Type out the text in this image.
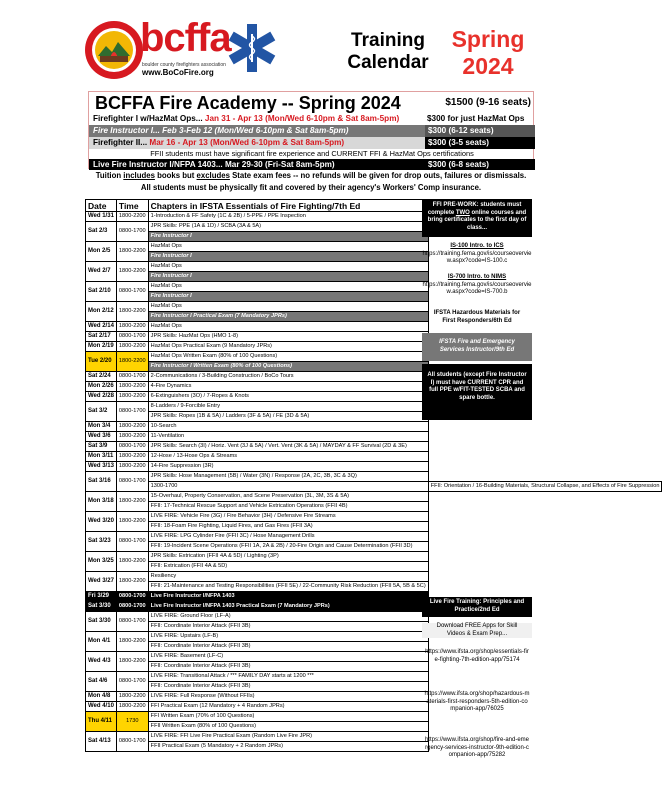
bcffa
boulder county firefighters association
www.BoCoFire.org
Training
Calendar
Spring
2024
BCFFA Fire Academy -- Spring 2024	$1500 (9-16 seats)
Firefighter I w/HazMat Ops... Jan 31 - Apr 13 (Mon/Wed 6-10pm & Sat 8am-5pm)	$300 for just HazMat Ops
Fire Instructor I... Feb 3-Feb 12 (Mon/Wed 6-10pm & Sat 8am-5pm)	$300 (6-12 seats)
Firefighter II... Mar 16 - Apr 13 (Mon/Wed 6-10pm & Sat 8am-5pm)	$300 (3-5 seats)
FFII students must have significant fire experience and CURRENT FFI & HazMat Ops certifications
Live Fire Instructor I/NFPA 1403... Mar 29-30 (Fri-Sat 8am-5pm)	$300 (6-8 seats)
Tuition includes books but excludes State exam fees -- no refunds will be given for drop outs, failures or dismissals.
All students must be physically fit and covered by their agency's Workers' Comp insurance.
Date	Time	Chapters in IFSTA Essentials of Fire Fighting/7th Ed	
Wed 1/31	1800-2200	1-Introduction & FF Safety (1C & 2B) / 5-PPE / PPE Inspection	
Sat 2/3	0800-1700	JPR Skills: PPE (1A & 1D) / SCBA (3A & 5A)	
		Fire Instructor I	
Mon 2/5	1800-2200	HazMat Ops	
		Fire Instructor I	
Wed 2/7	1800-2200	HazMat Ops	
		Fire Instructor I	
Sat 2/10	0800-1700	HazMat Ops	
		Fire Instructor I	
Mon 2/12	1800-2200	HazMat Ops	
		Fire Instructor I Practical Exam (7 Mandatory JPRs)	
Wed 2/14	1800-2200	HazMat Ops	
Sat 2/17	0800-1700	JPR Skills: HazMat Ops (HMO 1-8)	
Mon 2/19	1800-2200	HazMat Ops Practical Exam (9 Mandatory JPRs)	
Tue 2/20	1800-2200	HazMat Ops Written Exam (80% of 100 Questions)	
		Fire Instructor I Written Exam (80% of 100 Questions)	
Sat 2/24	0800-1700	2-Communications / 3-Building Construction / BoCo Tours	
Mon 2/26	1800-2200	4-Fire Dynamics	
Wed 2/28	1800-2200	6-Extinguishers (3O) / 7-Ropes & Knots	
Sat 3/2	0800-1700	8-Ladders / 9-Forcible Entry	
		JPR Skills: Ropes (1B & 5A) / Ladders (3F & 5A) / FE (3D & 5A)	
Mon 3/4	1800-2200	10-Search	
Wed 3/6	1800-2200	11-Ventilation	
Sat 3/9	0800-1700	JPR Skills: Search (3I) / Horiz. Vent (3J & 5A) / Vert. Vent (3K & 5A) / MAYDAY & FF Survival (2D & 3E)	
Mon 3/11	1800-2200	12-Hose / 13-Hose Ops & Streams	
Wed 3/13	1800-2200	14-Fire Suppression (3R)	
Sat 3/16	0800-1700	JPR Skills: Hose Management (5B) / Water (3N) / Response (2A, 2C, 3B, 3C & 3Q)	
		1300-1700	FFII: Orientation / 16-Building Materials, Structural Collapse, and Effects of Fire Suppression
Mon 3/18	1800-2200	15-Overhaul, Property Conservation, and Scene Preservation (3L, 3M, 3S & 5A)	
		FFII: 17-Technical Rescue Support and Vehicle Extrication Operations (FFII 4B)	
Wed 3/20	1800-2200	LIVE FIRE: Vehicle Fire (3G) / Fire Behavior (3H) / Defensive Fire Streams	
		FFII: 18-Foam Fire Fighting, Liquid Fires, and Gas Fires (FFII 3A)	
Sat 3/23	0800-1700	LIVE FIRE: LPG Cylinder Fire (FFII 3C) / Hose Management Drills	
		FFII: 19-Incident Scene Operations (FFII 1A, 2A & 2B) / 20-Fire Origin and Cause Determination (FFII 3D)	
Mon 3/25	1800-2200	JPR Skills: Extrication (FFII 4A & 5D) / Lighting (3P)	
		FFII: Extrication (FFII 4A & 5D)	
Wed 3/27	1800-2200	Resiliency	
		FFII: 21-Maintenance and Testing Responsibilities (FFII 5E) / 22-Community Risk Reduction (FFII 5A, 5B & 5C)	
Fri 3/29	0800-1700	Live Fire Instructor I/NFPA 1403	
Sat 3/30	0800-1700	Live Fire Instructor I/NFPA 1403 Practical Exam (7 Mandatory JPRs)	
Sat 3/30	0800-1700	LIVE FIRE: Ground Floor (LF-A)	
		FFII: Coordinate Interior Attack (FFII 3B)	
Mon 4/1	1800-2200	LIVE FIRE: Upstairs (LF-B)	
		FFII: Coordinate Interior Attack (FFII 3B)	
Wed 4/3	1800-2200	LIVE FIRE: Basement (LF-C)	
		FFII: Coordinate Interior Attack (FFII 3B)	
Sat 4/6	0800-1700	LIVE FIRE: Transitional Attack / *** FAMILY DAY starts at 1200 ***	
		FFII: Coordinate Interior Attack (FFII 3B)	
Mon 4/8	1800-2200	LIVE FIRE: Full Response (Without FFIIs)	
Wed 4/10	1800-2200	FFI Practical Exam (12 Mandatory + 4 Random JPRs)	
Thu 4/11	1730	FFI Written Exam (70% of 100 Questions)	
		FFII Written Exam (80% of 100 Questions)	
Sat 4/13	0800-1700	LIVE FIRE: FFI Live Fire Practical Exam (Random Live Fire JPR)	
		FFII Practical Exam (5 Mandatory + 2 Random JPRs)	
FFI PRE-WORK: students must complete TWO online courses and bring certificates to the first day of class...
IS-100 Intro. to ICS
https://training.fema.gov/is/courseoverview.aspx?code=IS-100.c
IS-700 Intro. to NIMS
https://training.fema.gov/is/courseoverview.aspx?code=IS-700.b
IFSTA Hazardous Materials for First Responders/6th Ed
IFSTA Fire and Emergency Services Instructor/9th Ed
All students (except Fire Instructor I) must have CURRENT CPR and full PPE w/FIT-TESTED SCBA and spare bottle.
Live Fire Training: Principles and Practice/2nd Ed
Download FREE Apps for Skill Videos & Exam Prep...
https://www.ifsta.org/shop/essentials-fire-fighting-7th-edition-app/75174
https://www.ifsta.org/shop/hazardous-materials-first-responders-5th-edition-companion-app/76025
https://www.ifsta.org/shop/fire-and-emergency-services-instructor-9th-edition-companion-app/75282
